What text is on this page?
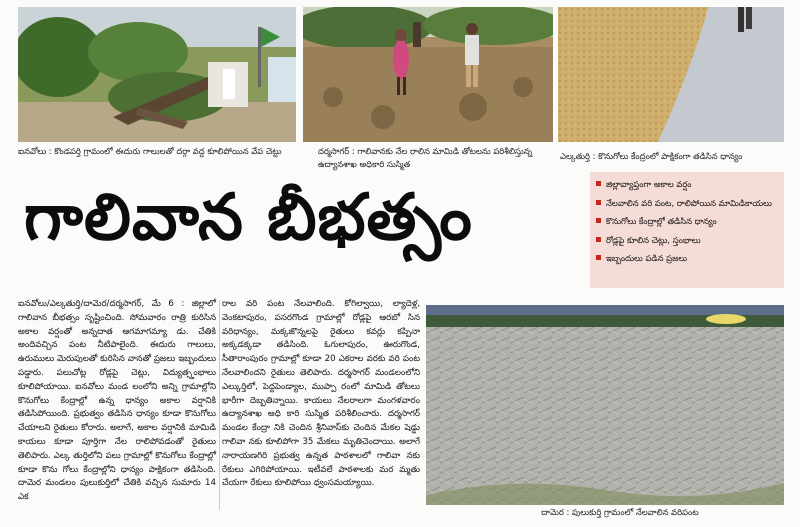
ఐనవోలు : కొండపర్తి గ్రామంలో ఈదురు గాలులతో దర్గా వద్ద కూలిపోయిన వేప చెట్టు	దర్మసాగర్ : గాలివానకు నేల రాలిన మామిడి తోటలను పరిశీలిస్తున్న ఉద్యానశాఖ అధికారి సుస్మిత
ఎల్కతుర్తి : కొనుగోలు కేంద్రంలో పాక్షికంగా తడిసిన ధాన్యం
గాలివాన బీభత్సం	జిల్లావ్యాప్తంగా అకాల వర్షం
నేలవాలిన వరి పంట, రాలిపోయిన మామిడికాయలు
కొనుగోలు కేంద్రాల్లో తడిసిన ధాన్యం
రోడ్లపై కూలిన చెట్లు, స్తంభాలు
ఇబ్బందులు పడిన ప్రజలు

ఐనవోలు/ఎల్కతుర్తి/దామెర/దర్మసాగర్, మే 6 : జిల్లాలో గాలివాన బీభత్సం సృష్టించింది. సోమవారం రాత్రి కురిసిన అకాల వర్షంతో అన్నదాత ఆగమాగమ్యా డు. చేతికి అందివచ్చిన పంట నీటిపాలైంది. ఈదురు గాలులు, ఉరుములు మెరుపులతో కురిసిన వానతో ప్రజలు ఇబ్బందులు పడ్డారు. పలుచోట్ల రోడ్లపై చెట్లు, విద్యుత్స్తంభాలు కూలిపోయాయి. ఐనవోలు మండ లంలోని అన్ని గ్రామాల్లోని కొనుగోలు కేంద్రాల్లో ఉన్న ధాన్యం అకాల వర్షానికి తడిసిపోయింది. ప్రభుత్వం తడిసిన ధాన్యం కూడా కొనుగోలు చేయాలని రైతులు కోరారు. అలాగే, అకాల వర్షానికి మామిడి కాయలు కూడా పూర్తిగా నేల రాలిపోవడంతో రైతులు తెలిపారు. ఎల్క తుర్తిలోని పలు గ్రామాల్లో కొనుగోలు కేంద్రాల్లో కూడా కొను గోలు కేంద్రాల్లోని ధాన్యం పాక్షికంగా తడిసింది. దామెర మండలం పులుకుర్తిలో చేతికి వచ్చిన సుమారు 14 ఎక

రాల వరి పంట నేలవాలింది. కోగిల్వాయి, ల్యాదెళ్ల, వెంకటాపురం, పసరగొండ గ్రామాల్లో రోడ్లపై ఆరబో సిన వరిధాన్యం, మక్కజొన్నలపై రైతులు కవర్లు కప్పినా అక్కడక్కడా తడిసింది. ఓగులాపురం, ఊరుగొండ, సీతారాంపురం గ్రామాల్లో కూడా 20 ఎకరాల వరకు వరి పంట నేలవాలిందని రైతులు తెలిపారు. దర్మసాగర్ మండలంలోని ఎల్కుర్తిలో, పెద్దపెండ్యాల, ముప్పా రంలో మామిడి తోటలు భారీగా దెబ్బతిన్నాయి. కాయలు నేలరాలగా మంగళవారం ఉద్యానశాఖ అధి కారి సుస్మిత పరిశీలించారు. దర్మసాగర్ మండల కేంద్రా నికి చెందిన శ్రీనివాస్‌కు చెందిన మేకల షెడ్డు గాలివా నకు కూలిపోగా 35 మేకలు మృతిచెందాయి. అలాగే నారాయణగిరి ప్రభుత్వ ఉన్నత పాఠశాలలో గాలివా నకు రేకులు ఎగిరిపోయాయి. ఇటీవలే పాఠశాలకు మర మ్మతు చేయగా రేకులు కూలిపోయి ధ్వంసమయ్యాయి.

దామెర : పులుకుర్తి గ్రామంలో నేలవాలిన వరిపంట
